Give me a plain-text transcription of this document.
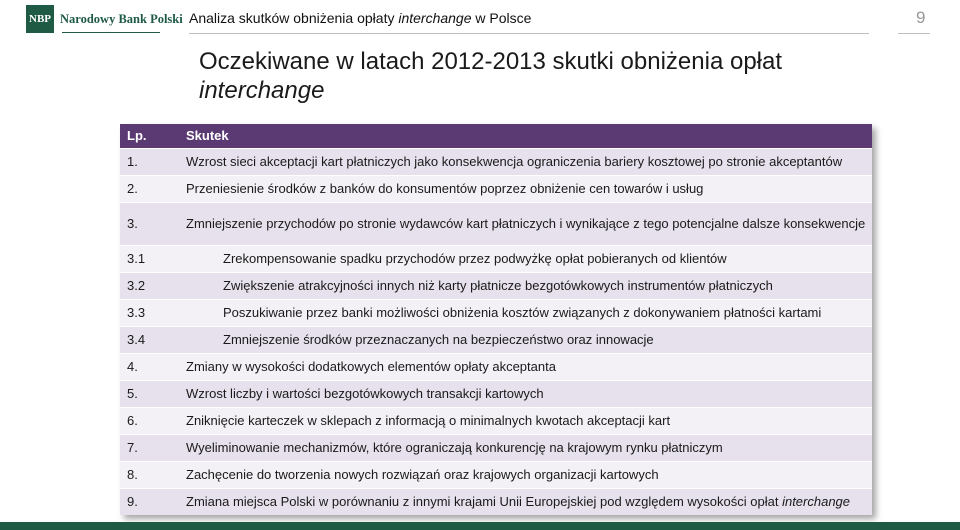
NBP Narodowy Bank Polski Analiza skutków obniżenia opłaty interchange w Polsce	9
Oczekiwane w latach 2012-2013 skutki obniżenia opłat
interchange
Lp.	Skutek
1.	Wzrost sieci akceptacji kart płatniczych jako konsekwencja ograniczenia bariery kosztowej po stronie akceptantów
2.	Przeniesienie środków z banków do konsumentów poprzez obniżenie cen towarów i usług
3.	Zmniejszenie przychodów po stronie wydawców kart płatniczych i wynikające z tego potencjalne dalsze konsekwencje
3.1	Zrekompensowanie spadku przychodów przez podwyżkę opłat pobieranych od klientów
3.2	Zwiększenie atrakcyjności innych niż karty płatnicze bezgotówkowych instrumentów płatniczych
3.3	Poszukiwanie przez banki możliwości obniżenia kosztów związanych z dokonywaniem płatności kartami
3.4	Zmniejszenie środków przeznaczanych na bezpieczeństwo oraz innowacje
4.	Zmiany w wysokości dodatkowych elementów opłaty akceptanta
5.	Wzrost liczby i wartości bezgotówkowych transakcji kartowych
6.	Zniknięcie karteczek w sklepach z informacją o minimalnych kwotach akceptacji kart
7.	Wyeliminowanie mechanizmów, które ograniczają konkurencję na krajowym rynku płatniczym
8.	Zachęcenie do tworzenia nowych rozwiązań oraz krajowych organizacji kartowych
9.	Zmiana miejsca Polski w porównaniu z innymi krajami Unii Europejskiej pod względem wysokości opłat interchange
